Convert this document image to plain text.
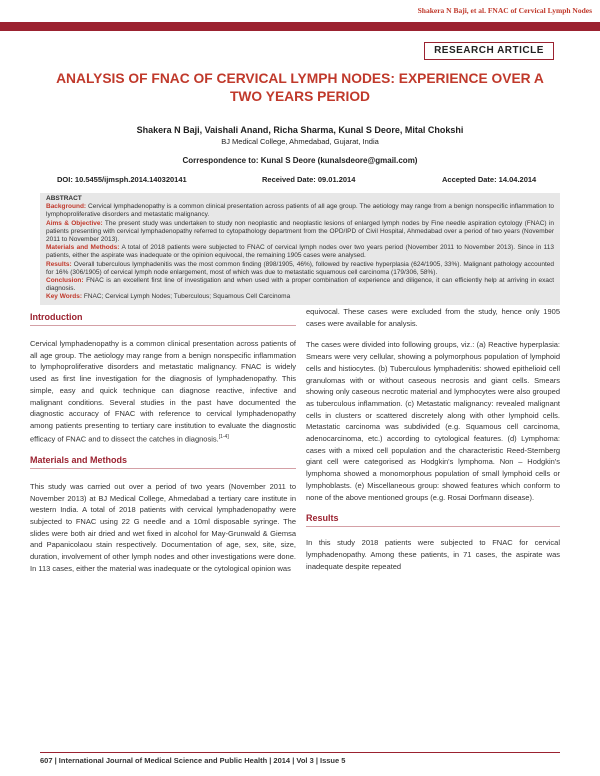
Shakera N Baji, et al. FNAC of Cervical Lymph Nodes
RESEARCH ARTICLE
ANALYSIS OF FNAC OF CERVICAL LYMPH NODES: EXPERIENCE OVER A TWO YEARS PERIOD
Shakera N Baji, Vaishali Anand, Richa Sharma, Kunal S Deore, Mital Chokshi
BJ Medical College, Ahmedabad, Gujarat, India
Correspondence to: Kunal S Deore (kunalsdeore@gmail.com)
DOI: 10.5455/ijmsph.2014.140320141	Received Date: 09.01.2014	Accepted Date: 14.04.2014

ABSTRACT

Background: Cervical lymphadenopathy is a common clinical presentation across patients of all age group. The aetiology may range from a benign nonspecific inflammation to lymphoproliferative disorders and metastatic malignancy.

Aims & Objective: The present study was undertaken to study non neoplastic and neoplastic lesions of enlarged lymph nodes by Fine needle aspiration cytology (FNAC) in patients presenting with cervical lymphadenopathy referred to cytopathology department from the OPD/IPD of Civil Hospital, Ahmedabad over a period of two years (November 2011 to November 2013).

Materials and Methods: A total of 2018 patients were subjected to FNAC of cervical lymph nodes over two years period (November 2011 to November 2013). Since in 113 patients, either the aspirate was inadequate or the opinion equivocal, the remaining 1905 cases were analysed.

Results: Overall tuberculous lymphadenitis was the most common finding (898/1905, 46%), followed by reactive hyperplasia (624/1905, 33%). Malignant pathology accounted for 16% (306/1905) of cervical lymph node enlargement, most of which was due to metastatic squamous cell carcinoma (179/306, 58%).

Conclusion: FNAC is an excellent first line of investigation and when used with a proper combination of experience and diligence, it can efficiently help at arriving in exact diagnosis.

Key Words: FNAC; Cervical Lymph Nodes; Tuberculous; Squamous Cell Carcinoma

Introduction

Cervical lymphadenopathy is a common clinical presentation across patients of all age group. The aetiology may range from a benign nonspecific inflammation to lymphoproliferative disorders and metastatic malignancy. FNAC is widely used as first line investigation for the diagnosis of lymphadenopathy. This simple, easy and quick technique can diagnose reactive, infective and malignant conditions. Several studies in the past have documented the diagnostic accuracy of FNAC with reference to cervical lymphadenopathy among patients presenting to tertiary care institution to evaluate the diagnostic efficacy of FNAC and to dissect the catches in diagnosis.[1-4]

Materials and Methods

This study was carried out over a period of two years (November 2011 to November 2013) at BJ Medical College, Ahmedabad a tertiary care institute in western India. A total of 2018 patients with cervical lymphadenopathy were subjected to FNAC using 22 G needle and a 10ml disposable syringe. The slides were both air dried and wet fixed in alcohol for May-Grunwald & Giemsa and Papanicolaou stain respectively. Documentation of age, sex, site, size, duration, involvement of other lymph nodes and other investigations were done. In 113 cases, either the material was inadequate or the cytological opinion was

equivocal. These cases were excluded from the study, hence only 1905 cases were available for analysis.

The cases were divided into following groups, viz.: (a) Reactive hyperplasia: Smears were very cellular, showing a polymorphous population of lymphoid cells and histiocytes. (b) Tuberculous lymphadenitis: showed epithelioid cell granulomas with or without caseous necrosis and giant cells. Smears showing only caseous necrotic material and lymphocytes were also grouped as tuberculous inflammation. (c) Metastatic malignancy: revealed malignant cells in clusters or scattered discretely along with other lymphoid cells. Metastatic carcinoma was subdivided (e.g. Squamous cell carcinoma, adenocarcinoma, etc.) according to cytological features. (d) Lymphoma: cases with a mixed cell population and the characteristic Reed-Sternberg giant cell were categorised as Hodgkin's lymphoma. Non – Hodgkin's lymphoma showed a monomorphous population of small lymphoid cells or lymphoblasts. (e) Miscellaneous group: showed features which conform to none of the above mentioned groups (e.g. Rosai Dorfmann disease).

Results

In this study 2018 patients were subjected to FNAC for cervical lymphadenopathy. Among these patients, in 71 cases, the aspirate was inadequate despite repeated

607 | International Journal of Medical Science and Public Health | 2014 | Vol 3 | Issue 5
